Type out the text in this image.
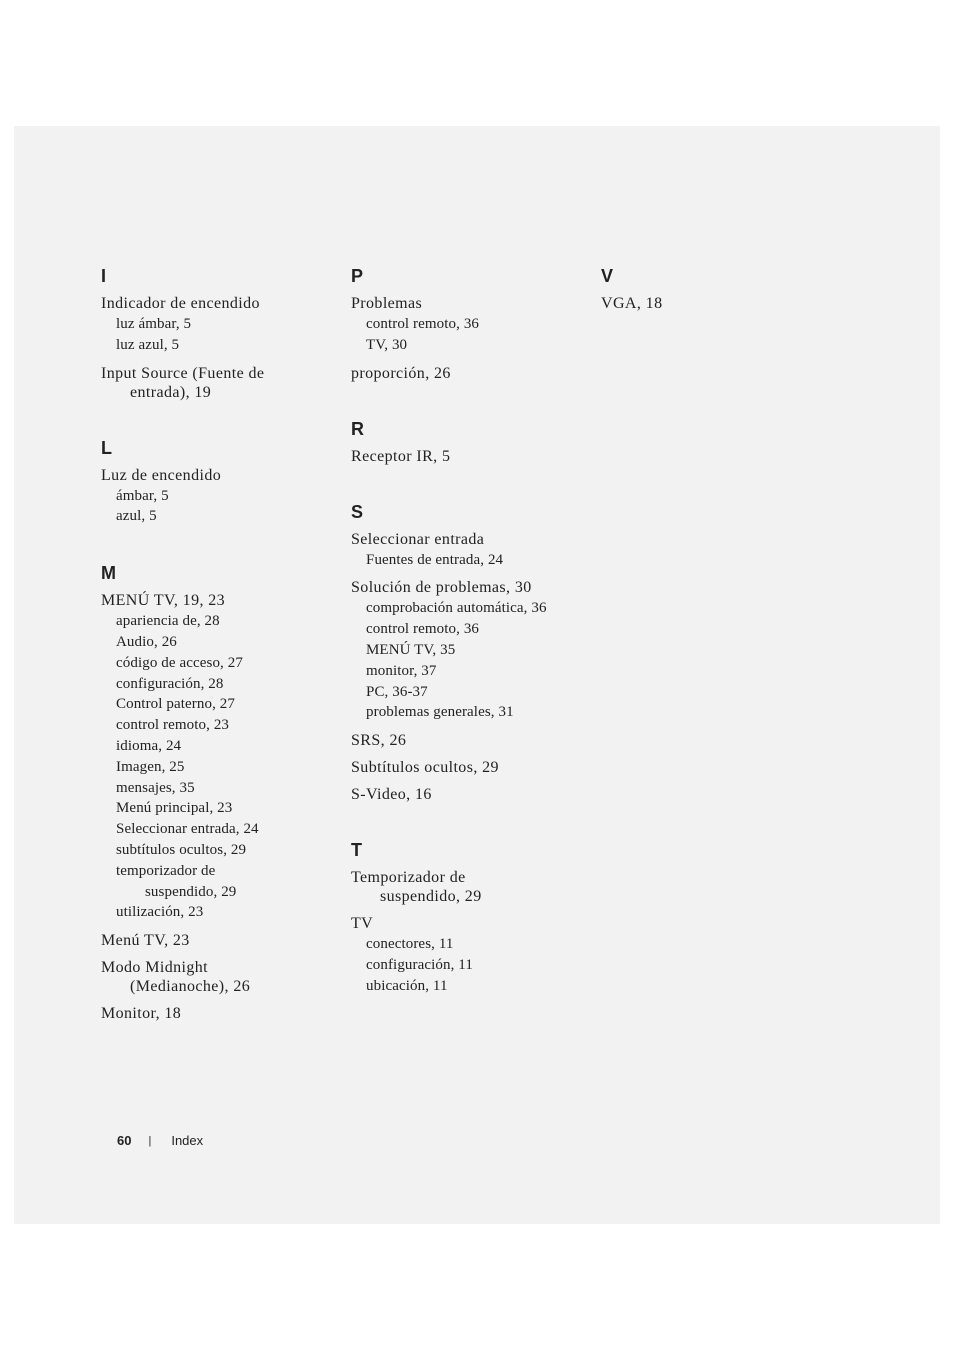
I
Indicador de encendido
luz ámbar, 5
luz azul, 5
Input Source (Fuente de
entrada), 19
L
Luz de encendido
ámbar, 5
azul, 5
M
MENÚ TV, 19, 23
apariencia de, 28
Audio, 26
código de acceso, 27
configuración, 28
Control paterno, 27
control remoto, 23
idioma, 24
Imagen, 25
mensajes, 35
Menú principal, 23
Seleccionar entrada, 24
subtítulos ocultos, 29
temporizador de
suspendido, 29
utilización, 23
Menú TV, 23
Modo Midnight
(Medianoche), 26
Monitor, 18
P
Problemas
control remoto, 36
TV, 30
proporción, 26
R
Receptor IR, 5
S
Seleccionar entrada
Fuentes de entrada, 24
Solución de problemas, 30
comprobación automática, 36
control remoto, 36
MENÚ TV, 35
monitor, 37
PC, 36-37
problemas generales, 31
SRS, 26
Subtítulos ocultos, 29
S-Video, 16
T
Temporizador de
suspendido, 29
TV
conectores, 11
configuración, 11
ubicación, 11
V
VGA, 18
60 | Index
